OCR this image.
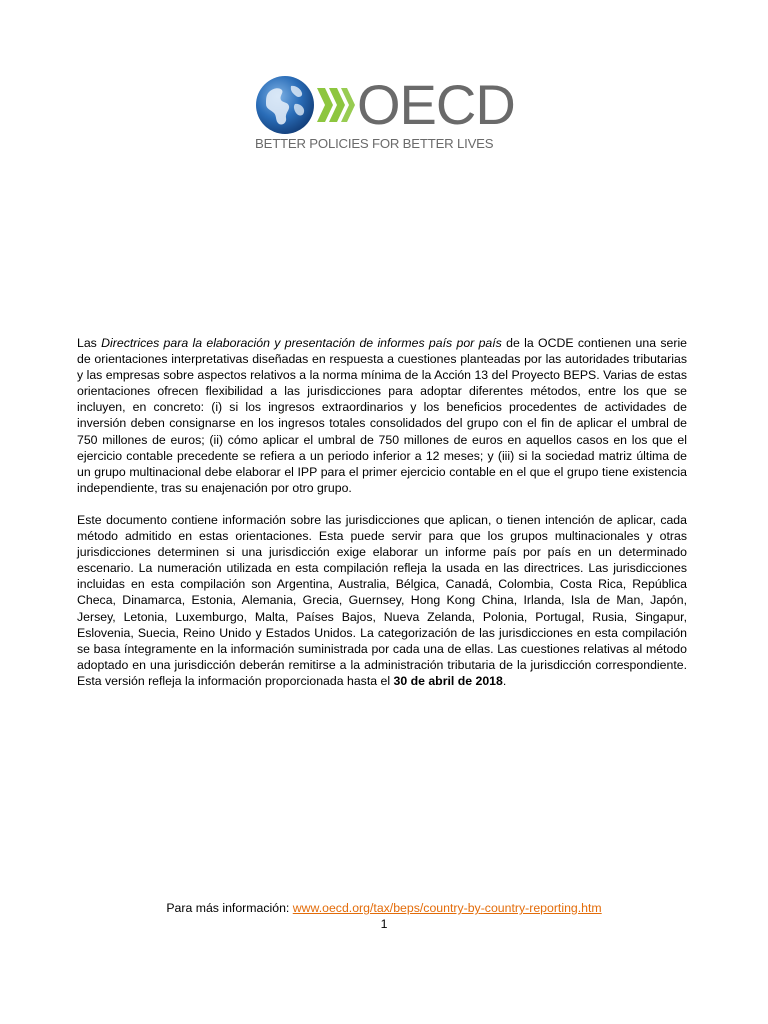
OECD
BETTER POLICIES FOR BETTER LIVES

Las Directrices para la elaboración y presentación de informes país por país de la OCDE contienen una serie de orientaciones interpretativas diseñadas en respuesta a cuestiones planteadas por las autoridades tributarias y las empresas sobre aspectos relativos a la norma mínima de la Acción 13 del Proyecto BEPS. Varias de estas orientaciones ofrecen flexibilidad a las jurisdicciones para adoptar diferentes métodos, entre los que se incluyen, en concreto: (i) si los ingresos extraordinarios y los beneficios procedentes de actividades de inversión deben consignarse en los ingresos totales consolidados del grupo con el fin de aplicar el umbral de 750 millones de euros; (ii) cómo aplicar el umbral de 750 millones de euros en aquellos casos en los que el ejercicio contable precedente se refiera a un periodo inferior a 12 meses; y (iii) si la sociedad matriz última de un grupo multinacional debe elaborar el IPP para el primer ejercicio contable en el que el grupo tiene existencia independiente, tras su enajenación por otro grupo.

Este documento contiene información sobre las jurisdicciones que aplican, o tienen intención de aplicar, cada método admitido en estas orientaciones. Esta puede servir para que los grupos multinacionales y otras jurisdicciones determinen si una jurisdicción exige elaborar un informe país por país en un determinado escenario. La numeración utilizada en esta compilación refleja la usada en las directrices. Las jurisdicciones incluidas en esta compilación son Argentina, Australia, Bélgica, Canadá, Colombia, Costa Rica, República Checa, Dinamarca, Estonia, Alemania, Grecia, Guernsey, Hong Kong China, Irlanda, Isla de Man, Japón, Jersey, Letonia, Luxemburgo, Malta, Países Bajos, Nueva Zelanda, Polonia, Portugal, Rusia, Singapur, Eslovenia, Suecia, Reino Unido y Estados Unidos. La categorización de las jurisdicciones en esta compilación se basa íntegramente en la información suministrada por cada una de ellas. Las cuestiones relativas al método adoptado en una jurisdicción deberán remitirse a la administración tributaria de la jurisdicción correspondiente. Esta versión refleja la información proporcionada hasta el 30 de abril de 2018.

Para más información: www.oecd.org/tax/beps/country-by-country-reporting.htm
1
